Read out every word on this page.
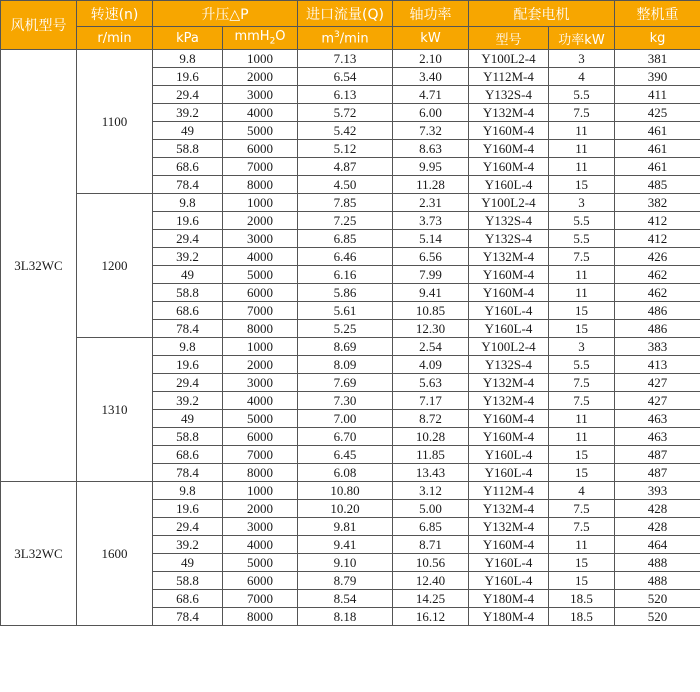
风机型号	转速(n)	升压△P		进口流量(Q)	轴功率	配套电机		整机重
	r/min	kPa	mmH$_2$O	$m^3/\min$	kW	型号	功率kW	kg
3L32WC	1100	9.8	1000	7.13	2.10	Y100L2-4	3	381
		19.6	2000	6.54	3.40	Y112M-4	4	390
		29.4	3000	6.13	4.71	Y132S-4	5.5	411
		39.2	4000	5.72	6.00	Y132M-4	7.5	425
		49	5000	5.42	7.32	Y160M-4	11	461
		58.8	6000	5.12	8.63	Y160M-4	11	461
		68.6	7000	4.87	9.95	Y160M-4	11	461
		78.4	8000	4.50	11.28	Y160L-4	15	485
	1200	9.8	1000	7.85	2.31	Y100L2-4	3	382
		19.6	2000	7.25	3.73	Y132S-4	5.5	412
		29.4	3000	6.85	5.14	Y132S-4	5.5	412
		39.2	4000	6.46	6.56	Y132M-4	7.5	426
		49	5000	6.16	7.99	Y160M-4	11	462
		58.8	6000	5.86	9.41	Y160M-4	11	462
		68.6	7000	5.61	10.85	Y160L-4	15	486
		78.4	8000	5.25	12.30	Y160L-4	15	486
	1310	9.8	1000	8.69	2.54	Y100L2-4	3	383
		19.6	2000	8.09	4.09	Y132S-4	5.5	413
		29.4	3000	7.69	5.63	Y132M-4	7.5	427
		39.2	4000	7.30	7.17	Y132M-4	7.5	427
		49	5000	7.00	8.72	Y160M-4	11	463
		58.8	6000	6.70	10.28	Y160M-4	11	463
		68.6	7000	6.45	11.85	Y160L-4	15	487
		78.4	8000	6.08	13.43	Y160L-4	15	487
3L32WC	1600	9.8	1000	10.80	3.12	Y112M-4	4	393
		19.6	2000	10.20	5.00	Y132M-4	7.5	428
		29.4	3000	9.81	6.85	Y132M-4	7.5	428
		39.2	4000	9.41	8.71	Y160M-4	11	464
		49	5000	9.10	10.56	Y160L-4	15	488
		58.8	6000	8.79	12.40	Y160L-4	15	488
		68.6	7000	8.54	14.25	Y180M-4	18.5	520
		78.4	8000	8.18	16.12	Y180M-4	18.5	520
